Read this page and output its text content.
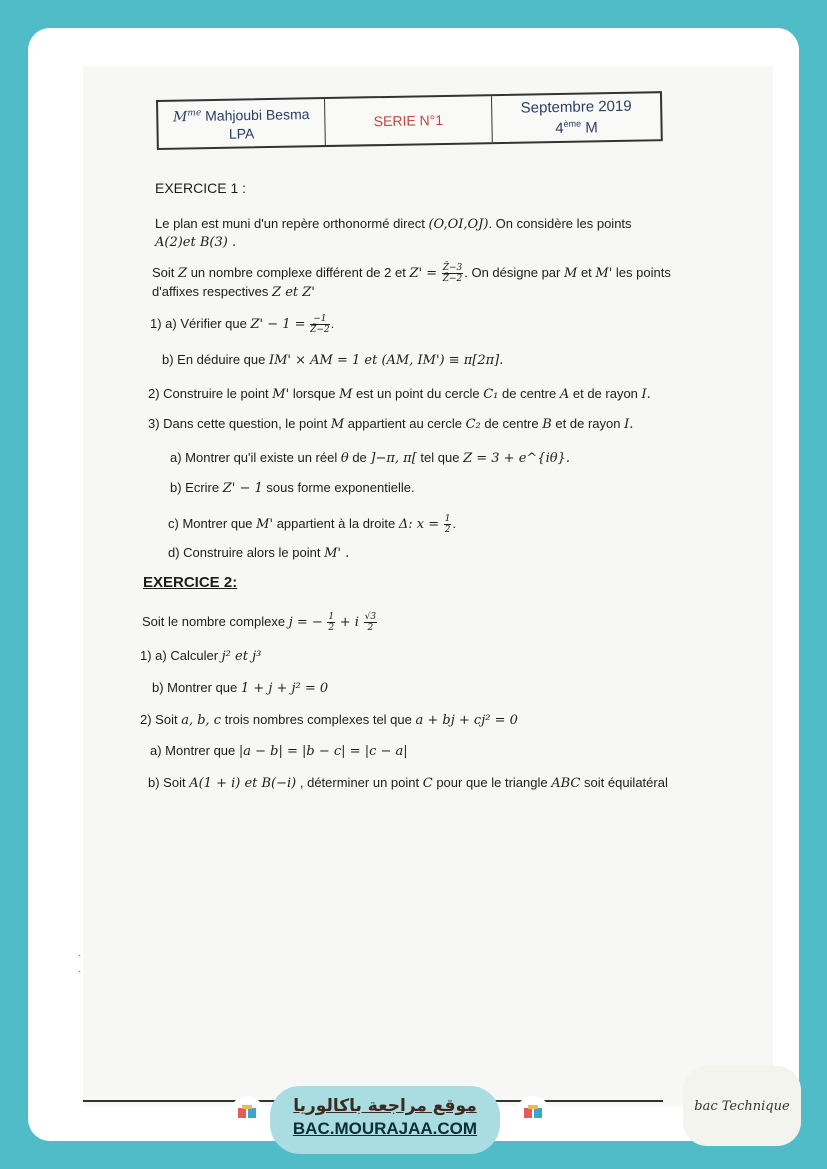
$M^{me}$ Mahjoubi Besma
LPA
SERIE N°1
Septembre 2019
4ème M
EXERCICE 1 :
Le plan est muni d'un repère orthonormé direct (O,OI,OJ). On considère les points
A(2)et B(3) .
Soit Z un nombre complexe différent de 2 et $Z' = \frac{Z̄-3}{Z̄-2}$ . On désigne par M et M' les points
d'affixes respectives Z et Z'
1) a) Vérifier que $Z' - 1 = \frac{-1}{Z̄-2}$ .
b) En déduire que IM' × AM = 1 et (AM, IM') ≡ π[2π].
2) Construire le point M' lorsque M est un point du cercle C₁ de centre A et de rayon I.
3) Dans cette question, le point M appartient au cercle C₂ de centre B et de rayon I.
a) Montrer qu'il existe un réel θ de ]−π, π[ tel que Z = 3 + e^{iθ}.
b) Ecrire Z' − 1 sous forme exponentielle.
c) Montrer que M' appartient à la droite Δ: $x = \frac{1}{2}$ .
d) Construire alors le point M' .
EXERCICE 2:
Soit le nombre complexe j = − $\frac{1}{2} + i \frac{√3}{2}$
1) a) Calculer j² et j³
b) Montrer que 1 + j + j² = 0
2) Soit a, b, c trois nombres complexes tel que a + bj + cj² = 0
a) Montrer que |a − b| = |b − c| = |c − a|
b) Soit A(1 + i) et B(−i) , déterminer un point C pour que le triangle ABC soit équilatéral
·
·
موقع مراجعة باكالوريا
BAC.MOURAJAA.COM
bac Technique
